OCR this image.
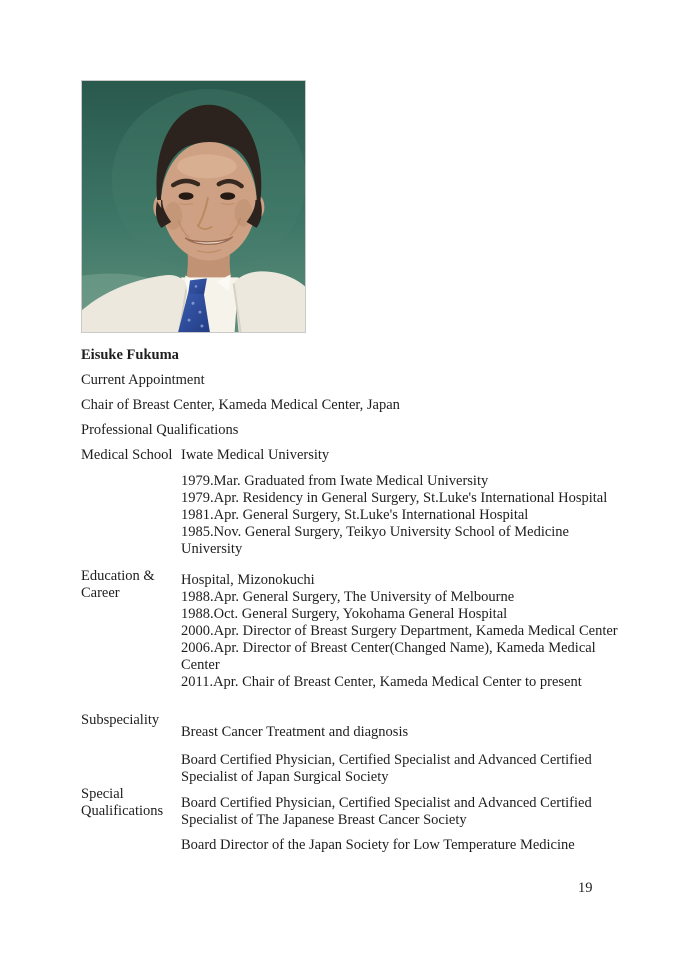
Eisuke Fukuma

Current Appointment

Chair of Breast Center, Kameda Medical Center, Japan

Professional Qualifications

Medical School Iwate Medical University
1979.Mar. Graduated from Iwate Medical University
1979.Apr. Residency in General Surgery, St.Luke's International Hospital
1981.Apr. General Surgery, St.Luke's International Hospital
1985.Nov. General Surgery, Teikyo University School of Medicine
University
Education & Career
Hospital, Mizonokuchi
1988.Apr. General Surgery, The University of Melbourne
1988.Oct. General Surgery, Yokohama General Hospital
2000.Apr. Director of Breast Surgery Department, Kameda Medical Center
2006.Apr. Director of Breast Center(Changed Name), Kameda Medical
Center
2011.Apr. Chair of Breast Center, Kameda Medical Center to present
Subspeciality
Breast Cancer Treatment and diagnosis
Board Certified Physician, Certified Specialist and Advanced Certified
Specialist of Japan Surgical Society
Special Qualifications	Board Certified Physician, Certified Specialist and Advanced Certified
Specialist of The Japanese Breast Cancer Society
Board Director of the Japan Society for Low Temperature Medicine
19
